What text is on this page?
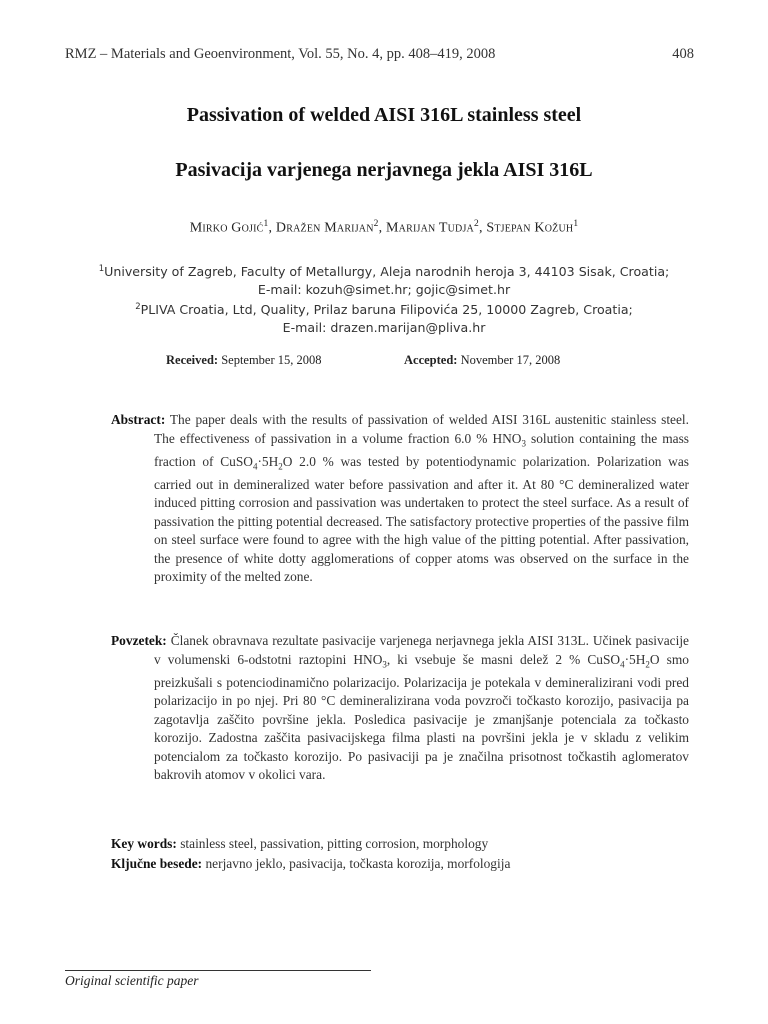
RMZ – Materials and Geoenvironment, Vol. 55, No. 4, pp. 408–419, 2008	408
Passivation of welded AISI 316L stainless steel
Pasivacija varjenega nerjavnega jekla AISI 316L
Mirko Gojić$^1$, Dražen Marijan$^2$, Marijan Tudja$^2$, Stjepan Kožuh$^1$
$^1$University of Zagreb, Faculty of Metallurgy, Aleja narodnih heroja 3, 44103 Sisak, Croatia;
E-mail: kozuh@simet.hr; gojic@simet.hr
$^2$PLIVA Croatia, Ltd, Quality, Prilaz baruna Filipovića 25, 10000 Zagreb, Croatia;
E-mail: drazen.marijan@pliva.hr
Received: September 15, 2008	Accepted: November 17, 2008
Abstract: The paper deals with the results of passivation of welded AISI 316L austenitic stainless steel. The effectiveness of passivation in a volume fraction 6.0 % $HNO_3$ solution containing the mass fraction of $CuSO_4\cdot 5H_2O$ 2.0 % was tested by potentiodynamic polarization. Polarization was carried out in demineralized water before passivation and after it. At 80 °C demineralized water induced pitting corrosion and passivation was undertaken to protect the steel surface. As a result of passivation the pitting potential decreased. The satisfactory protective properties of the passive film on steel surface were found to agree with the high value of the pitting potential. After passivation, the presence of white dotty agglomerations of copper atoms was observed on the surface in the proximity of the melted zone.
Povzetek: Članek obravnava rezultate pasivacije varjenega nerjavnega jekla AISI 313L. Učinek pasivacije v volumenski 6-odstotni raztopini $HNO_3$, ki vsebuje še masni delež 2 % $CuSO_4\cdot 5H_2O$ smo preizkušali s potenciodinamično polarizacijo. Polarizacija je potekala v demineralizirani vodi pred polarizacijo in po njej. Pri 80 °C demineralizirana voda povzroči točkasto korozijo, pasivacija pa zagotavlja zaščito površine jekla. Posledica pasivacije je zmanjšanje potenciala za točkasto korozijo. Zadostna zaščita pasivacijskega filma plasti na površini jekla je v skladu z velikim potencialom za točkasto korozijo. Po pasivaciji pa je značilna prisotnost točkastih aglomeratov bakrovih atomov v okolici vara.
Key words: stainless steel, passivation, pitting corrosion, morphology
Ključne besede: nerjavno jeklo, pasivacija, točkasta korozija, morfologija
Original scientific paper
